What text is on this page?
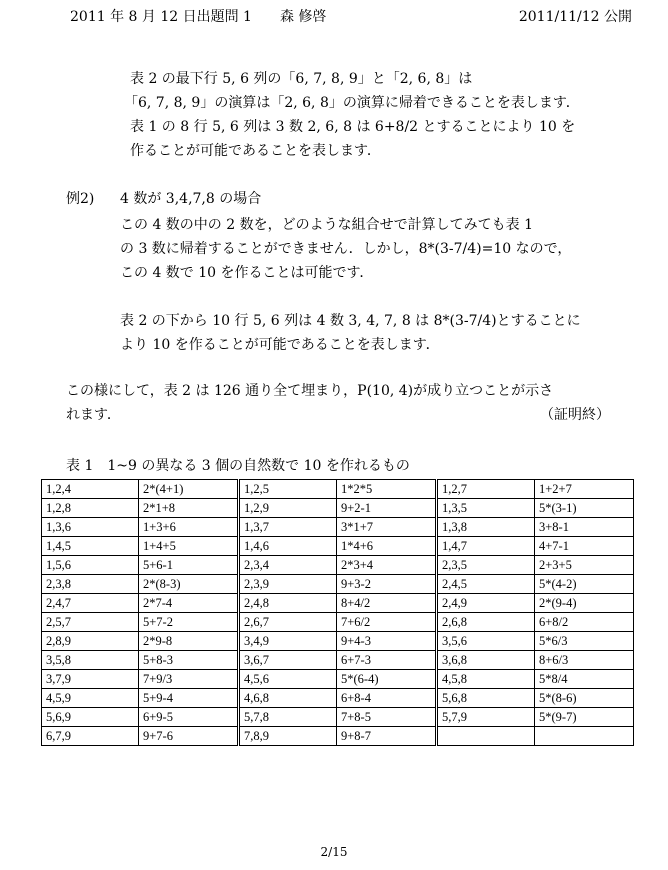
2011 年 8 月 12 日出題問 1　　森 修啓	2011/11/12 公開
表 2 の最下行 5, 6 列の「6, 7, 8, 9」と「2, 6, 8」は
「6, 7, 8, 9」の演算は「2, 6, 8」の演算に帰着できることを表します．
表 1 の 8 行 5, 6 列は 3 数 2, 6, 8 は 6+8/2 とすることにより 10 を
作ることが可能であることを表します．
例2) 4 数が 3,4,7,8 の場合
この 4 数の中の 2 数を，どのような組合せで計算してみても表 1
の 3 数に帰着することができません．しかし，8*(3-7/4)=10 なので，
この 4 数で 10 を作ることは可能です．
表 2 の下から 10 行 5, 6 列は 4 数 3, 4, 7, 8 は 8*(3-7/4)とすることに
より 10 を作ることが可能であることを表します．
この様にして，表 2 は 126 通り全て埋まり，P(10, 4)が成り立つことが示さ
れます．	（証明終）
表 1　1~9 の異なる 3 個の自然数で 10 を作れるもの
1,2,4	2*(4+1)		1,2,5	1*2*5		1,2,7	1+2+7
1,2,8	2*1+8		1,2,9	9+2-1		1,3,5	5*(3-1)
1,3,6	1+3+6		1,3,7	3*1+7		1,3,8	3+8-1
1,4,5	1+4+5		1,4,6	1*4+6		1,4,7	4+7-1
1,5,6	5+6-1		2,3,4	2*3+4		2,3,5	2+3+5
2,3,8	2*(8-3)		2,3,9	9+3-2		2,4,5	5*(4-2)
2,4,7	2*7-4		2,4,8	8+4/2		2,4,9	2*(9-4)
2,5,7	5+7-2		2,6,7	7+6/2		2,6,8	6+8/2
2,8,9	2*9-8		3,4,9	9+4-3		3,5,6	5*6/3
3,5,8	5+8-3		3,6,7	6+7-3		3,6,8	8+6/3
3,7,9	7+9/3		4,5,6	5*(6-4)		4,5,8	5*8/4
4,5,9	5+9-4		4,6,8	6+8-4		5,6,8	5*(8-6)
5,6,9	6+9-5		5,7,8	7+8-5		5,7,9	5*(9-7)
6,7,9	9+7-6		7,8,9	9+8-7			
2/15
